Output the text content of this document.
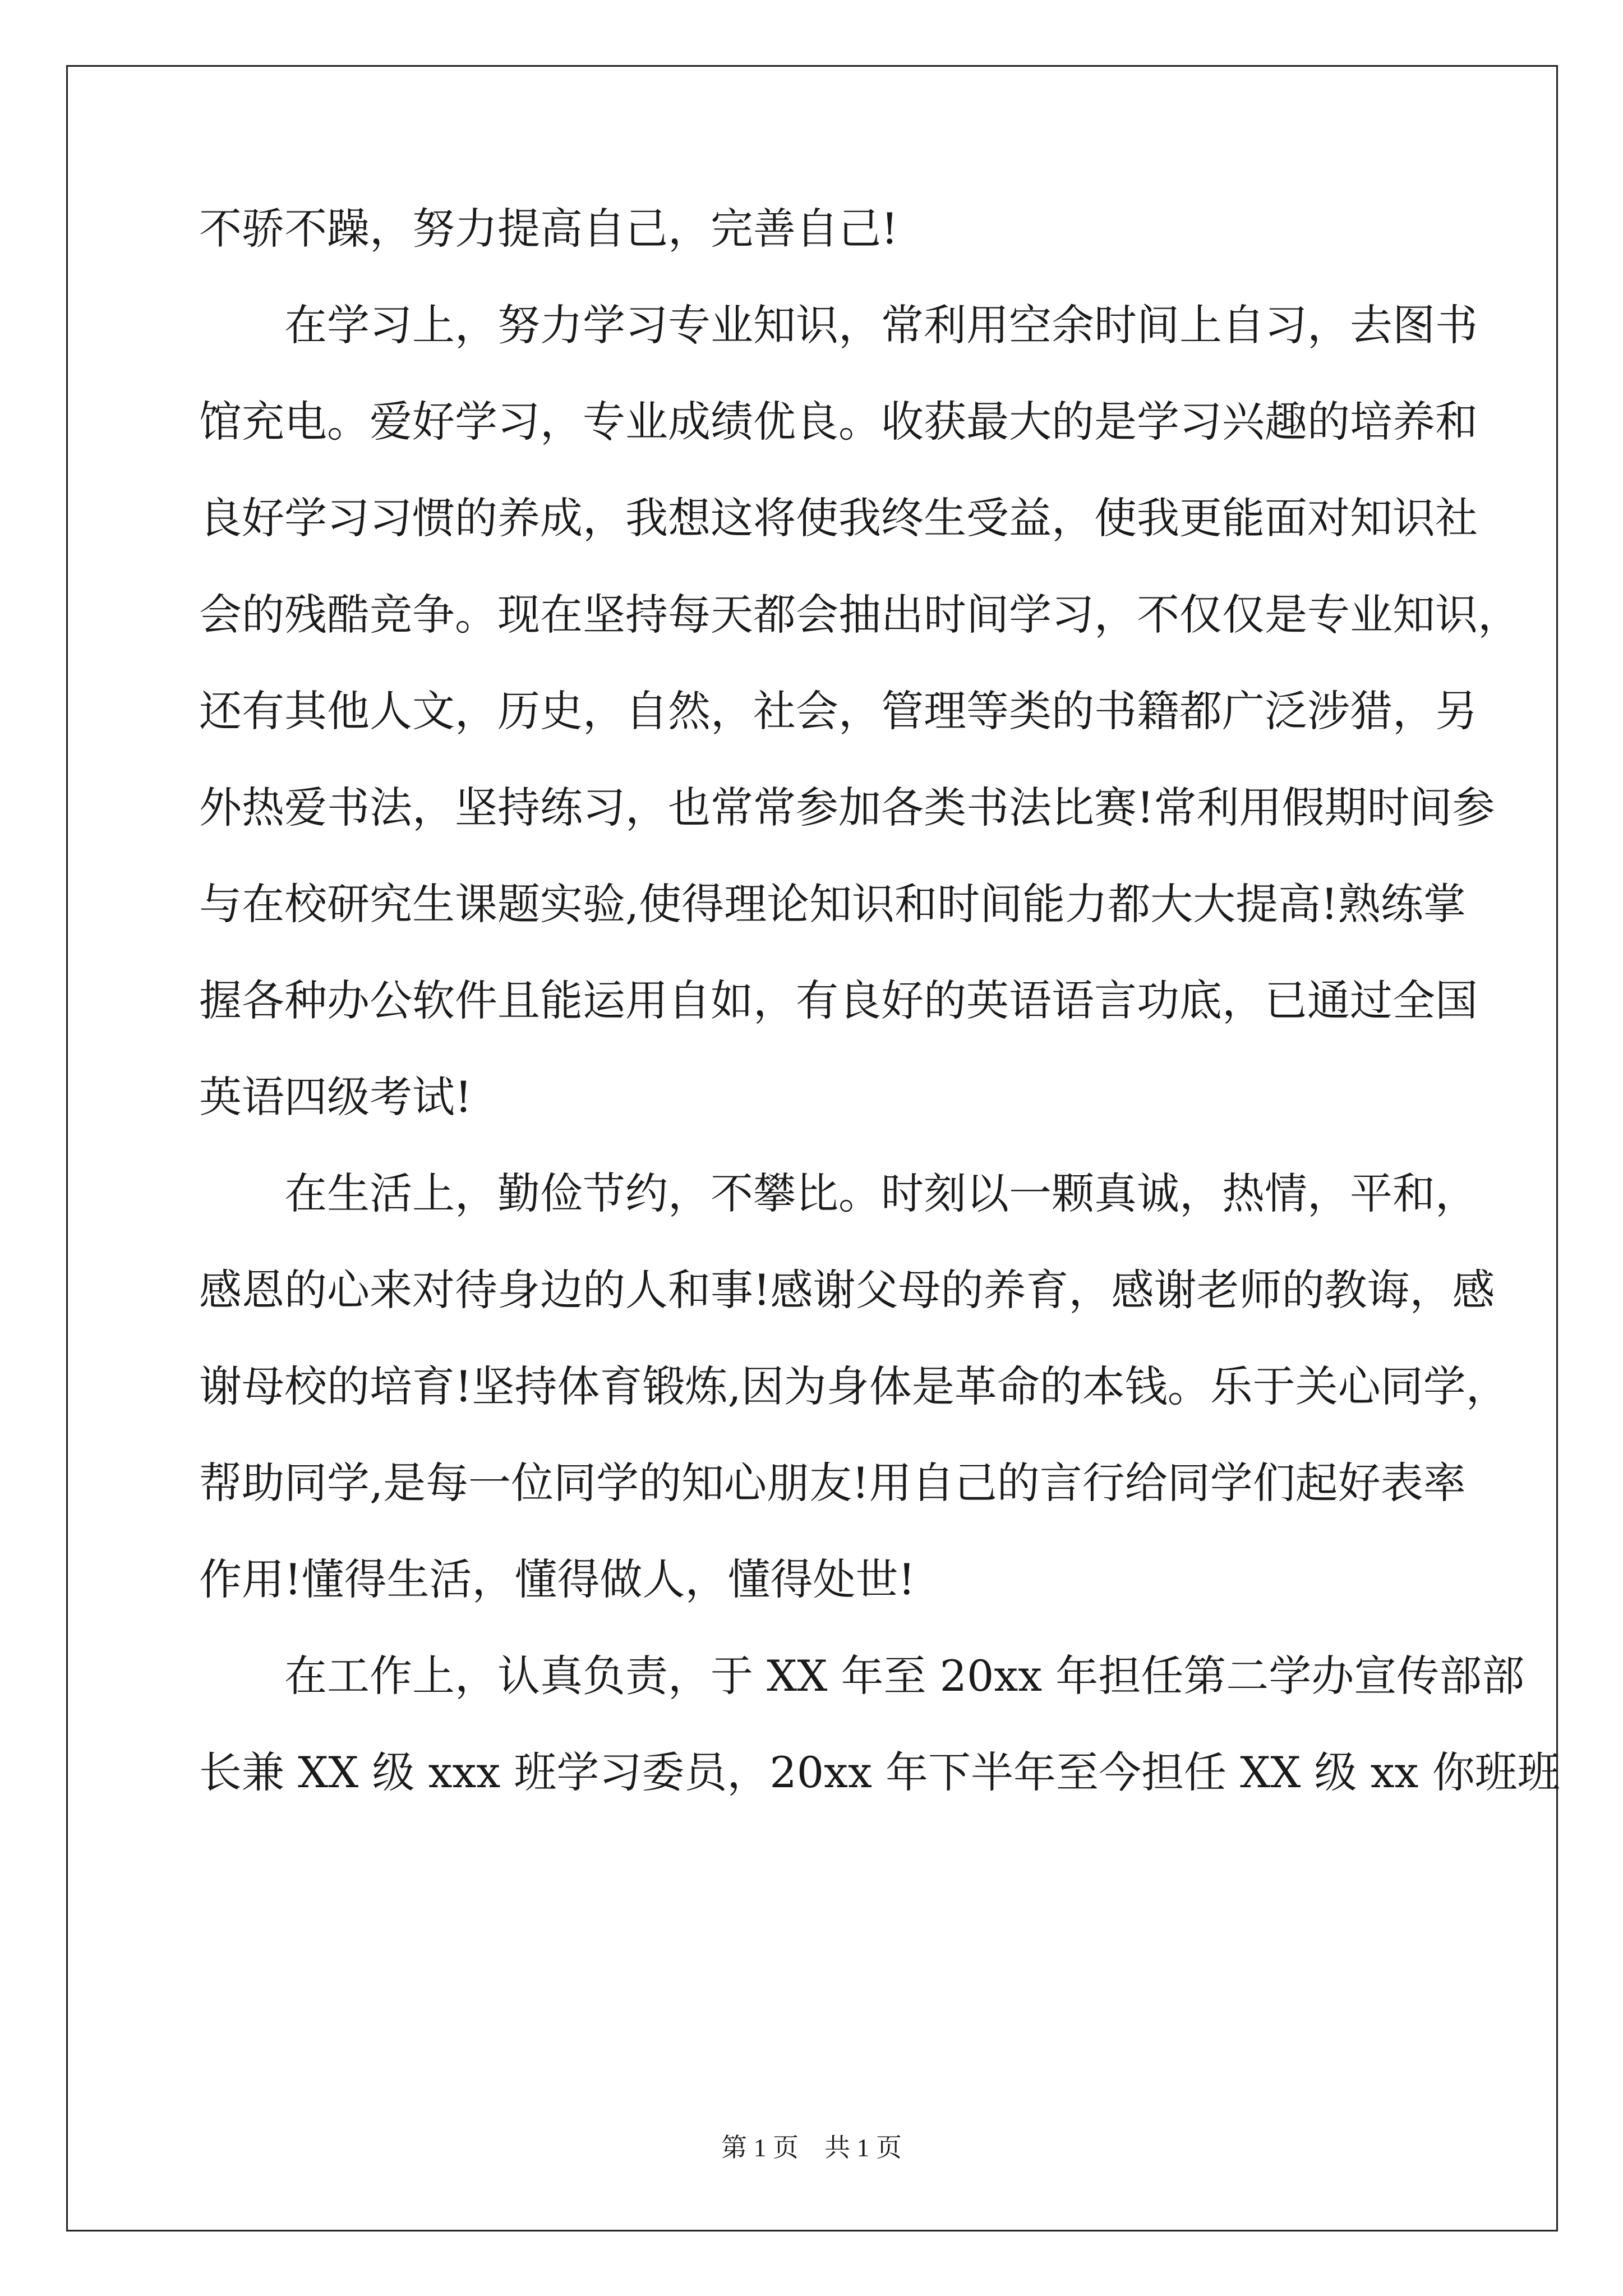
不骄不躁，努力提高自己，完善自己!
　　在学习上，努力学习专业知识，常利用空余时间上自习，去图书
馆充电。爱好学习，专业成绩优良。收获最大的是学习兴趣的培养和
良好学习习惯的养成，我想这将使我终生受益，使我更能面对知识社
会的残酷竞争。现在坚持每天都会抽出时间学习，不仅仅是专业知识，
还有其他人文，历史，自然，社会，管理等类的书籍都广泛涉猎，另
外热爱书法，坚持练习，也常常参加各类书法比赛!常利用假期时间参
与在校研究生课题实验,使得理论知识和时间能力都大大提高!熟练掌
握各种办公软件且能运用自如，有良好的英语语言功底，已通过全国
英语四级考试!
　　在生活上，勤俭节约，不攀比。时刻以一颗真诚，热情，平和，
感恩的心来对待身边的人和事!感谢父母的养育，感谢老师的教诲，感
谢母校的培育!坚持体育锻炼,因为身体是革命的本钱。乐于关心同学，
帮助同学,是每一位同学的知心朋友!用自己的言行给同学们起好表率
作用!懂得生活，懂得做人，懂得处世!
　　在工作上，认真负责，于 XX 年至 20xx 年担任第二学办宣传部部
长兼 XX 级 xxx 班学习委员，20xx 年下半年至今担任 XX 级 xx 你班班
第 1 页　共 1 页
